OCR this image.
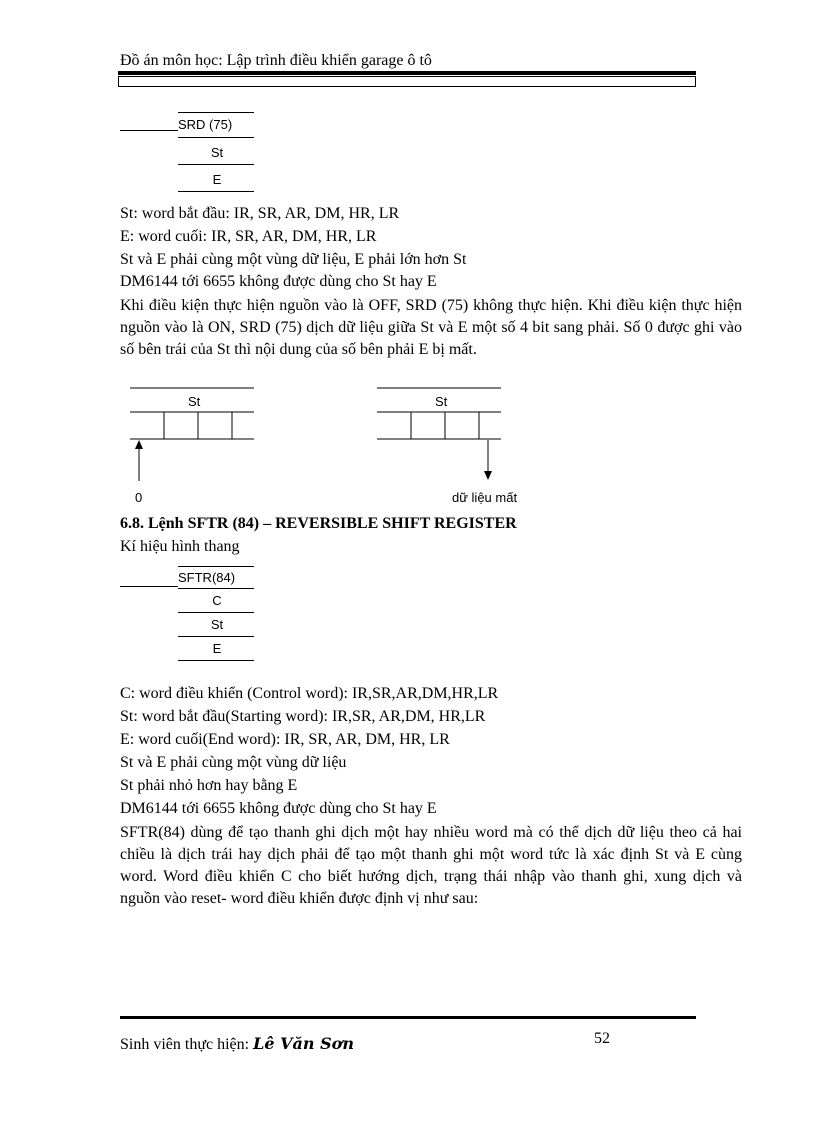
Đồ án môn học: Lập trình điều khiển garage ô tô
SRD (75)
St
E
St: word bắt đầu: IR, SR, AR, DM, HR, LR
E: word cuối: IR, SR, AR, DM, HR, LR
St và E phải cùng một vùng dữ liệu, E phải lớn hơn St
DM6144 tới 6655 không được dùng cho St hay E
Khi điều kiện thực hiện nguồn vào là OFF, SRD (75) không thực hiện. Khi điều kiện thực hiện nguồn vào là ON, SRD (75) dịch dữ liệu giữa St và E một số 4 bit sang phải. Số 0 được ghi vào số bên trái của St thì nội dung của số bên phải E bị mất.
St	St
0	dữ liệu mất
6.8. Lệnh SFTR (84) – REVERSIBLE SHIFT REGISTER
Kí hiệu hình thang
SFTR(84)
C
St
E
C: word điều khiển (Control word): IR,SR,AR,DM,HR,LR
St: word bắt đầu(Starting word): IR,SR, AR,DM, HR,LR
E: word cuối(End word): IR, SR, AR, DM, HR, LR
St và E phải cùng một vùng dữ liệu
St phải nhỏ hơn hay bằng E
DM6144 tới 6655 không được dùng cho St hay E
SFTR(84) dùng để tạo thanh ghi dịch một hay nhiều word mà có thể dịch dữ liệu theo cả hai chiều là dịch trái hay dịch phải để tạo một thanh ghi một word tức là xác định St và E cùng word. Word điều khiển C cho biết hướng dịch, trạng thái nhập vào thanh ghi, xung dịch và nguồn vào reset- word điều khiển được định vị như sau:
Sinh viên thực hiện: Lê Văn Sơn	52
